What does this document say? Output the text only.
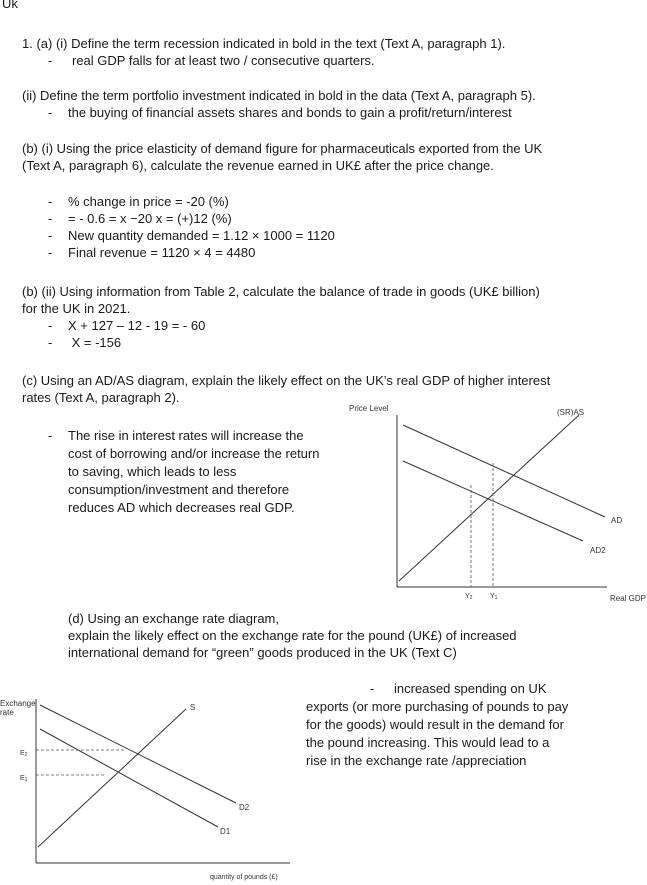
Uk
1. (a) (i) Define the term recession indicated in bold in the text (Text A, paragraph 1).
-	real GDP falls for at least two / consecutive quarters.
(ii) Define the term portfolio investment indicated in bold in the data (Text A, paragraph 5).
-	the buying of financial assets shares and bonds to gain a profit/return/interest
(b) (i) Using the price elasticity of demand figure for pharmaceuticals exported from the UK
(Text A, paragraph 6), calculate the revenue earned in UK£ after the price change.
-	% change in price = -20 (%)
-	= - 0.6 = x −20 x = (+)12 (%)
-	New quantity demanded = 1.12 × 1000 = 1120
-	Final revenue = 1120 × 4 = 4480
(b) (ii) Using information from Table 2, calculate the balance of trade in goods (UK£ billion)
for the UK in 2021.
-	X + 127 – 12 - 19 = - 60
-	X = -156
(c) Using an AD/AS diagram, explain the likely effect on the UK’s real GDP of higher interest
rates (Text A, paragraph 2).
-	The rise in interest rates will increase the
cost of borrowing and/or increase the return
to saving, which leads to less
consumption/investment and therefore
reduces AD which decreases real GDP.
Price Level	(SR)AS
AD
AD2
Y2	Y1	Real GDP
(d) Using an exchange rate diagram,
explain the likely effect on the exchange rate for the pound (UK£) of increased
international demand for “green” goods produced in the UK (Text C)
-	increased spending on UK
exports (or more purchasing of pounds to pay
for the goods) would result in the demand for
the pound increasing. This would lead to a
rise in the exchange rate /appreciation
Exchange
rate
S
D2
D1
E2
E1
quantity of pounds (£)
